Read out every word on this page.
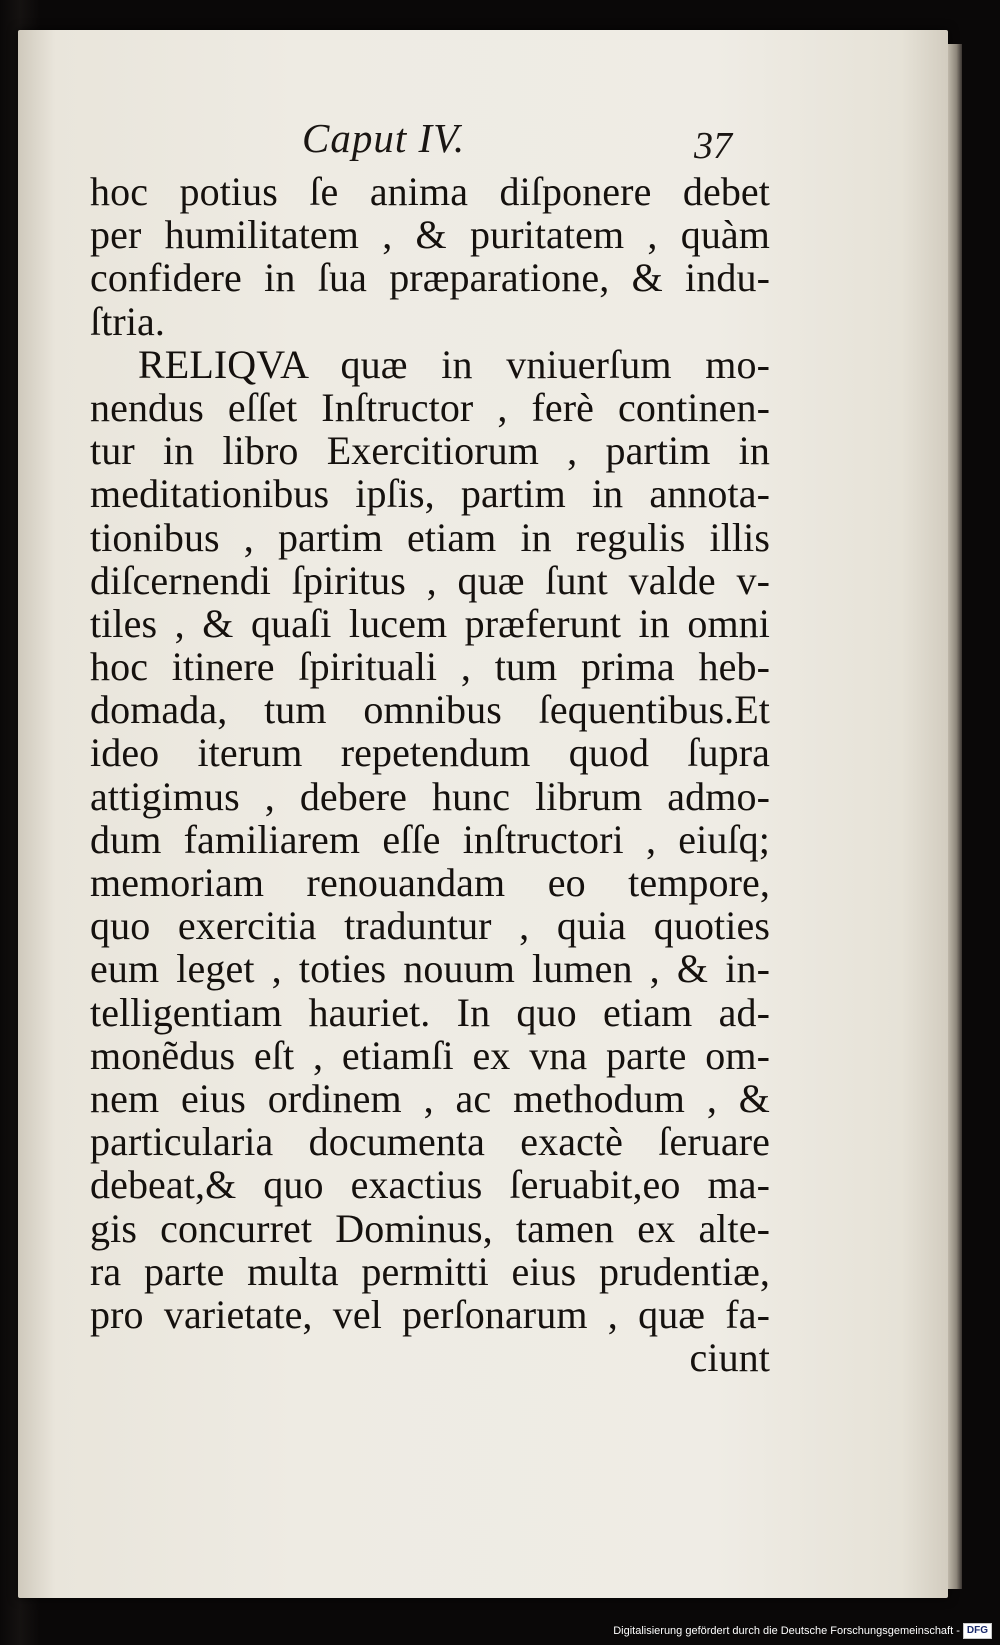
Caput IV.	37
hoc potius ſe anima diſponere debet
per humilitatem , & puritatem , quàm
confidere in ſua præparatione, & indu-
ſtria.
RELIQVA quæ in vniuerſum mo-
nendus eſſet Inſtructor , ferè continen-
tur in libro Exercitiorum , partim in
meditationibus ipſis, partim in annota-
tionibus , partim etiam in regulis illis
diſcernendi ſpiritus , quæ ſunt valde v-
tiles , & quaſi lucem præferunt in omni
hoc itinere ſpirituali , tum prima heb-
domada, tum omnibus ſequentibus.Et
ideo iterum repetendum quod ſupra
attigimus , debere hunc librum admo-
dum familiarem eſſe inſtructori , eiuſq;
memoriam renouandam eo tempore,
quo exercitia traduntur , quia quoties
eum leget , toties nouum lumen , & in-
telligentiam hauriet. In quo etiam ad-
monẽdus eſt , etiamſi ex vna parte om-
nem eius ordinem , ac methodum , &
particularia documenta exactè ſeruare
debeat,& quo exactius ſeruabit,eo ma-
gis concurret Dominus, tamen ex alte-
ra parte multa permitti eius prudentiæ,
pro varietate, vel perſonarum , quæ fa-
ciunt
Digitalisierung gefördert durch die Deutsche Forschungsgemeinschaft - DFG
